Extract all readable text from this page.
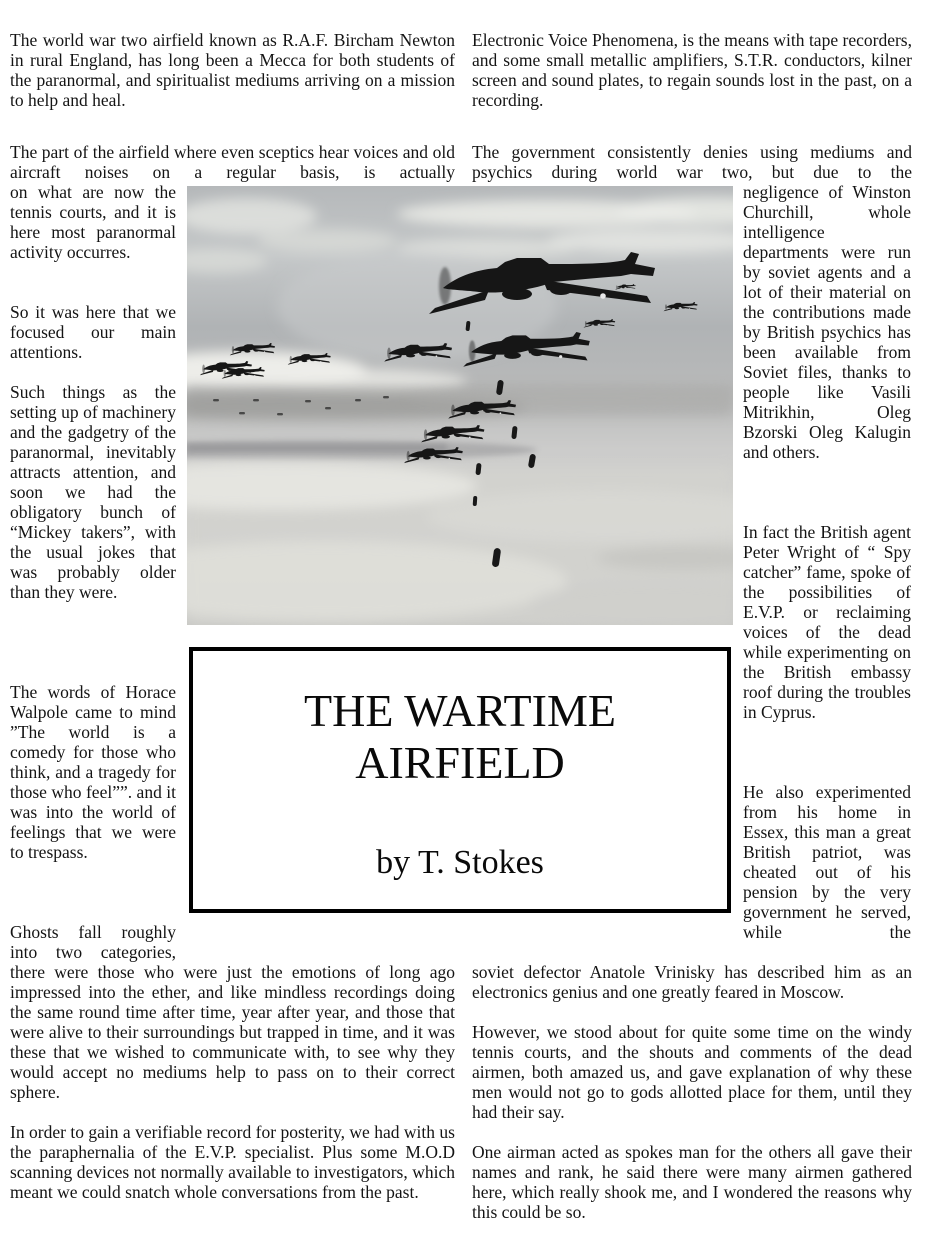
The world war two airfield known as R.A.F. Bircham Newton in rural England, has long been a Mecca for both students of the paranormal, and spiritualist mediums arriving on a mission to help and heal.

The part of the airfield where even sceptics hear voices and old aircraft noises on a regular basis, is actually

on what are now the tennis courts, and it is here most paranormal activity occurres.

So it was here that we focused our main attentions.

Such things as the setting up of machinery and the gadgetry of the paranormal, inevitably attracts attention, and soon we had the obligatory bunch of “Mickey takers”, with the usual jokes that was probably older than they were.

The words of Horace Walpole came to mind ”The world is a comedy for those who think, and a tragedy for those who feel””. and it was into the world of feelings that we were to trespass.

Ghosts fall roughly into two categories,

there were those who were just the emotions of long ago impressed into the ether, and like mindless recordings doing the same round time after time, year after year, and those that were alive to their surroundings but trapped in time, and it was these that we wished to communicate with, to see why they would accept no mediums help to pass on to their correct sphere.

In order to gain a verifiable record for posterity, we had with us the paraphernalia of the E.V.P. specialist. Plus some M.O.D scanning devices not normally available to investigators, which meant we could snatch whole conversations from the past.

Electronic Voice Phenomena, is the means with tape recorders, and some small metallic amplifiers, S.T.R. conductors, kilner screen and sound plates, to regain sounds lost in the past, on a recording.

The government consistently denies using mediums and psychics during world war two, but due to the

negligence of Winston Churchill, whole intelligence departments were run by soviet agents and a lot of their material on the contributions made by British psychics has been available from Soviet files, thanks to people like Vasili Mitrikhin, Oleg Bzorski Oleg Kalugin and others.

In fact the British agent Peter Wright of “ Spy catcher” fame, spoke of the possibilities of E.V.P. or reclaiming voices of the dead while experimenting on the British embassy roof during the troubles in Cyprus.

He also experimented from his home in Essex, this man a great British patriot, was cheated out of his pension by the very government he served, while the

soviet defector Anatole Vrinisky has described him as an electronics genius and one greatly feared in Moscow.

However, we stood about for quite some time on the windy tennis courts, and the shouts and comments of the dead airmen, both amazed us, and gave explanation of why these men would not go to gods allotted place for them, until they had their say.

One airman acted as spokes man for the others all gave their names and rank, he said there were many airmen gathered here, which really shook me, and I wondered the reasons why this could be so.

THE WARTIME AIRFIELD
by T. Stokes
